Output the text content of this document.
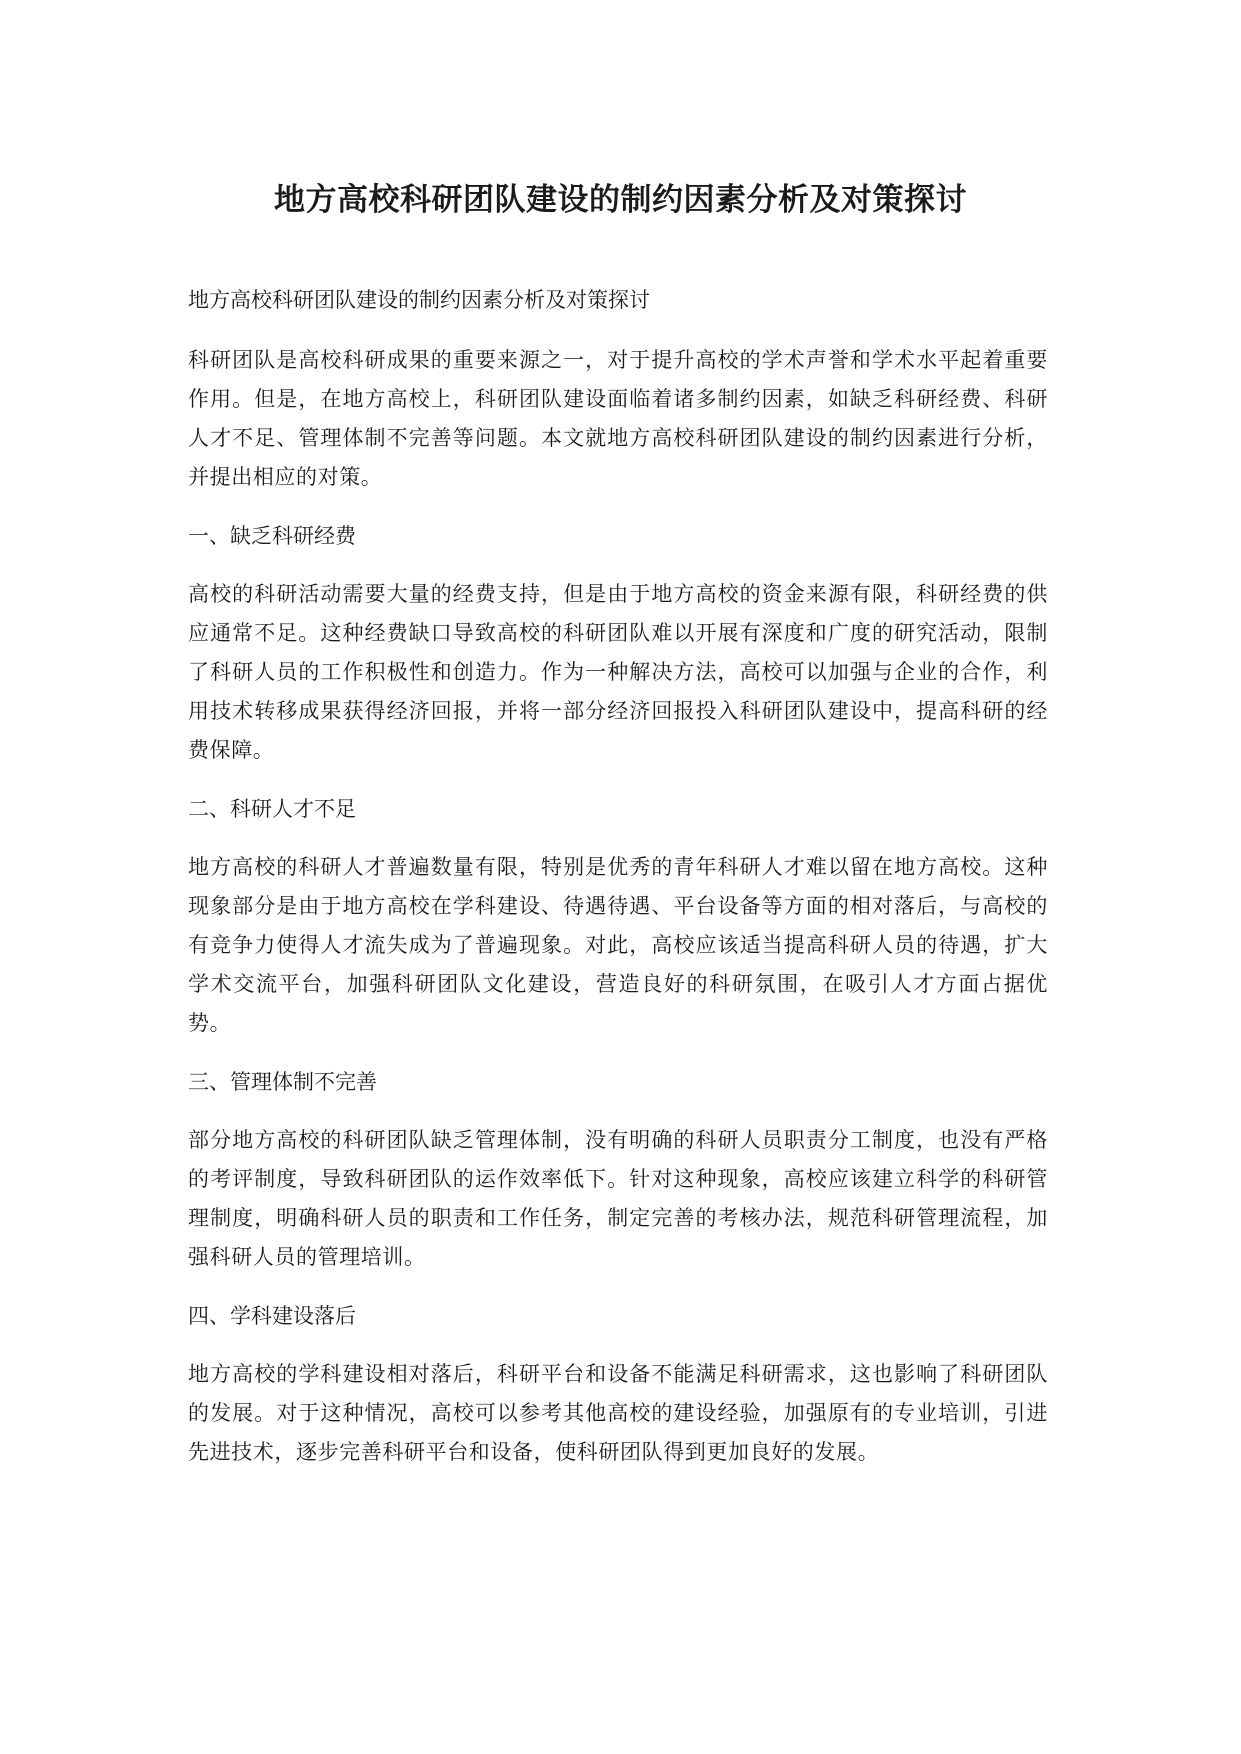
地方高校科研团队建设的制约因素分析及对策探讨

地方高校科研团队建设的制约因素分析及对策探讨

科研团队是高校科研成果的重要来源之一，对于提升高校的学术声誉和学术水平起着重要作用。但是，在地方高校上，科研团队建设面临着诸多制约因素，如缺乏科研经费、科研人才不足、管理体制不完善等问题。本文就地方高校科研团队建设的制约因素进行分析，并提出相应的对策。

一、缺乏科研经费

高校的科研活动需要大量的经费支持，但是由于地方高校的资金来源有限，科研经费的供应通常不足。这种经费缺口导致高校的科研团队难以开展有深度和广度的研究活动，限制了科研人员的工作积极性和创造力。作为一种解决方法，高校可以加强与企业的合作，利用技术转移成果获得经济回报，并将一部分经济回报投入科研团队建设中，提高科研的经费保障。

二、科研人才不足

地方高校的科研人才普遍数量有限，特别是优秀的青年科研人才难以留在地方高校。这种现象部分是由于地方高校在学科建设、待遇待遇、平台设备等方面的相对落后，与高校的有竞争力使得人才流失成为了普遍现象。对此，高校应该适当提高科研人员的待遇，扩大学术交流平台，加强科研团队文化建设，营造良好的科研氛围，在吸引人才方面占据优势。

三、管理体制不完善

部分地方高校的科研团队缺乏管理体制，没有明确的科研人员职责分工制度，也没有严格的考评制度，导致科研团队的运作效率低下。针对这种现象，高校应该建立科学的科研管理制度，明确科研人员的职责和工作任务，制定完善的考核办法，规范科研管理流程，加强科研人员的管理培训。

四、学科建设落后

地方高校的学科建设相对落后，科研平台和设备不能满足科研需求，这也影响了科研团队的发展。对于这种情况，高校可以参考其他高校的建设经验，加强原有的专业培训，引进先进技术，逐步完善科研平台和设备，使科研团队得到更加良好的发展。
